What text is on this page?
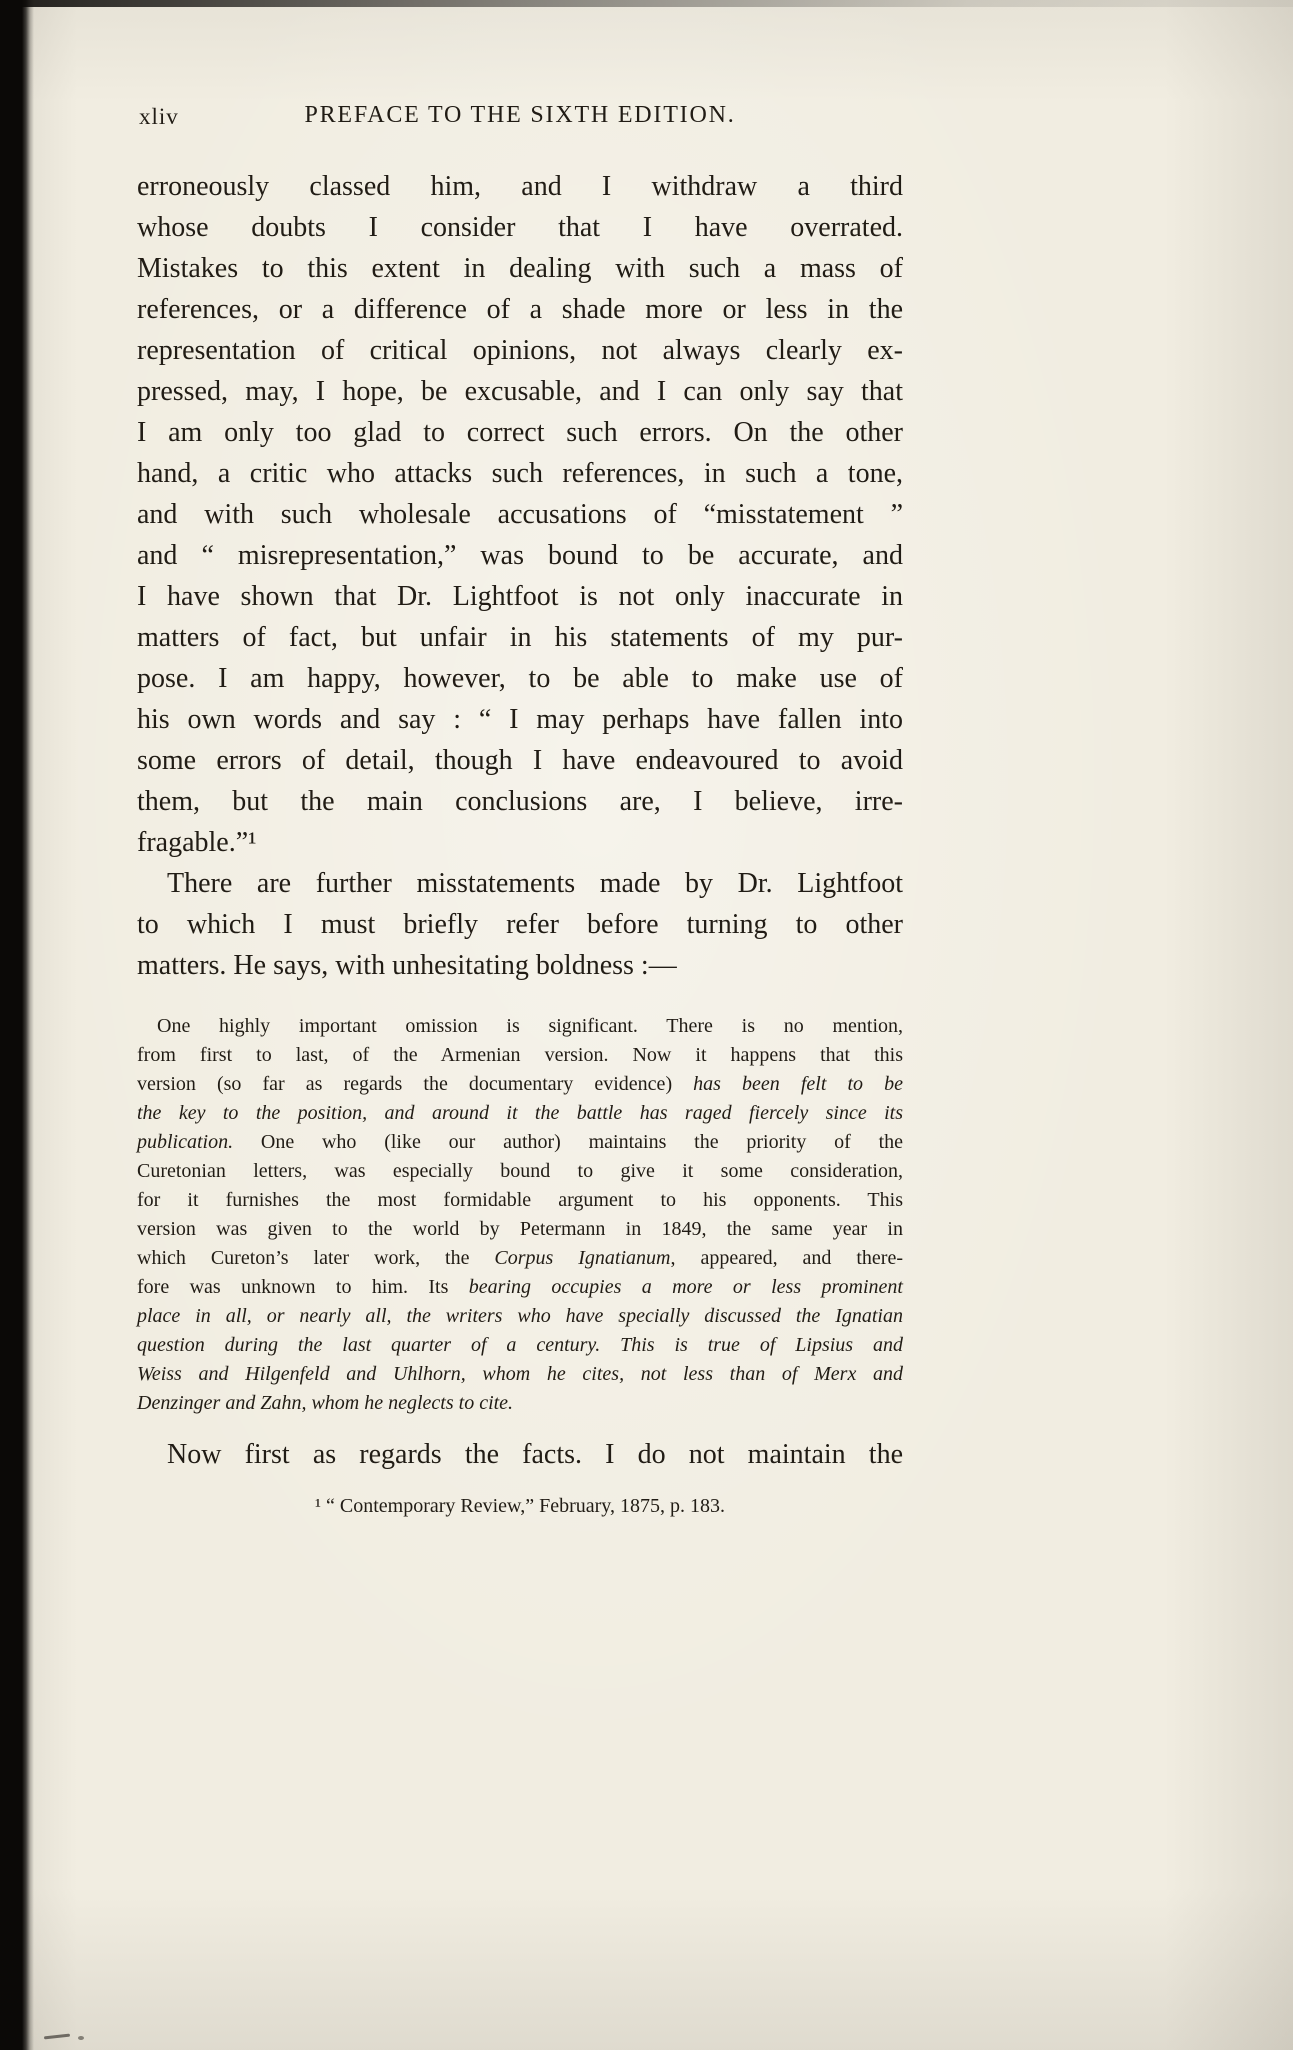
xliv	PREFACE TO THE SIXTH EDITION.
erroneously classed him, and I withdraw a third
whose doubts I consider that I have overrated.
Mistakes to this extent in dealing with such a mass of
references, or a difference of a shade more or less in the
representation of critical opinions, not always clearly ex-
pressed, may, I hope, be excusable, and I can only say that
I am only too glad to correct such errors. On the other
hand, a critic who attacks such references, in such a tone,
and with such wholesale accusations of “misstatement ”
and “ misrepresentation,” was bound to be accurate, and
I have shown that Dr. Lightfoot is not only inaccurate in
matters of fact, but unfair in his statements of my pur-
pose. I am happy, however, to be able to make use of
his own words and say : “ I may perhaps have fallen into
some errors of detail, though I have endeavoured to avoid
them, but the main conclusions are, I believe, irre-
fragable.”¹
There are further misstatements made by Dr. Lightfoot
to which I must briefly refer before turning to other
matters. He says, with unhesitating boldness :—
One highly important omission is significant. There is no mention,
from first to last, of the Armenian version. Now it happens that this
version (so far as regards the documentary evidence) has been felt to be
the key to the position, and around it the battle has raged fiercely since its
publication. One who (like our author) maintains the priority of the
Curetonian letters, was especially bound to give it some consideration,
for it furnishes the most formidable argument to his opponents. This
version was given to the world by Petermann in 1849, the same year in
which Cureton’s later work, the Corpus Ignatianum, appeared, and there-
fore was unknown to him. Its bearing occupies a more or less prominent
place in all, or nearly all, the writers who have specially discussed the Ignatian
question during the last quarter of a century. This is true of Lipsius and
Weiss and Hilgenfeld and Uhlhorn, whom he cites, not less than of Merx and
Denzinger and Zahn, whom he neglects to cite.
Now first as regards the facts. I do not maintain the
¹ “ Contemporary Review,” February, 1875, p. 183.
